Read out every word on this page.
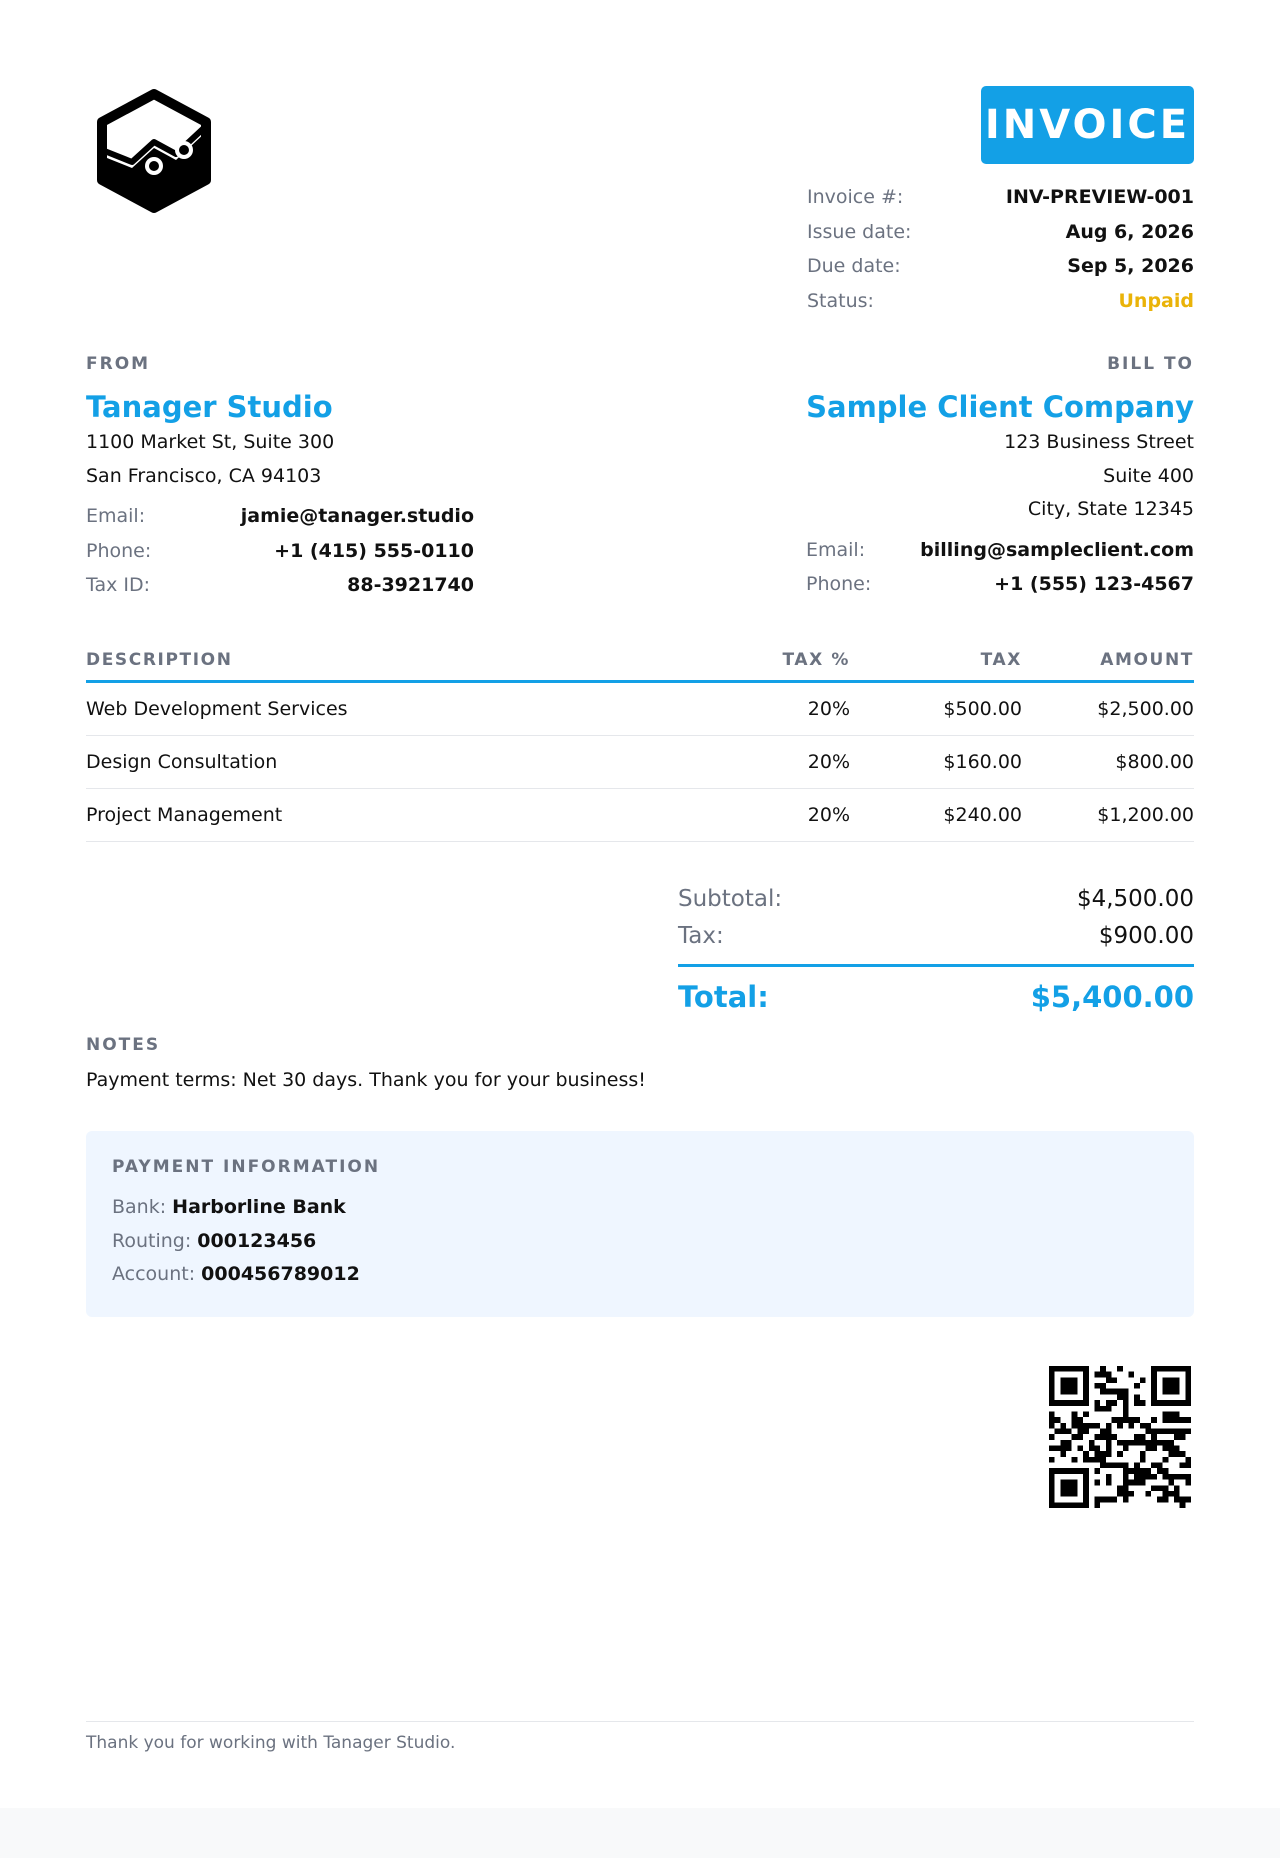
INVOICE
Invoice #:	INV-PREVIEW-001
Issue date:	Aug 6, 2026
Due date:	Sep 5, 2026
Status:	Unpaid
FROM
Tanager Studio
1100 Market St, Suite 300
San Francisco, CA 94103
Email:	jamie@tanager.studio
Phone:	+1 (415) 555-0110
Tax ID:	88-3921740
BILL TO
Sample Client Company
123 Business Street
Suite 400
City, State 12345
Email:	billing@sampleclient.com
Phone:	+1 (555) 123-4567
DESCRIPTION	TAX %	TAX	AMOUNT
Web Development Services	20%	$500.00	$2,500.00
Design Consultation	20%	$160.00	$800.00
Project Management	20%	$240.00	$1,200.00
Subtotal:	$4,500.00
Tax:	$900.00
Total:	$5,400.00
NOTES
Payment terms: Net 30 days. Thank you for your business!
PAYMENT INFORMATION
Bank: Harborline Bank
Routing: 000123456
Account: 000456789012
Thank you for working with Tanager Studio.
